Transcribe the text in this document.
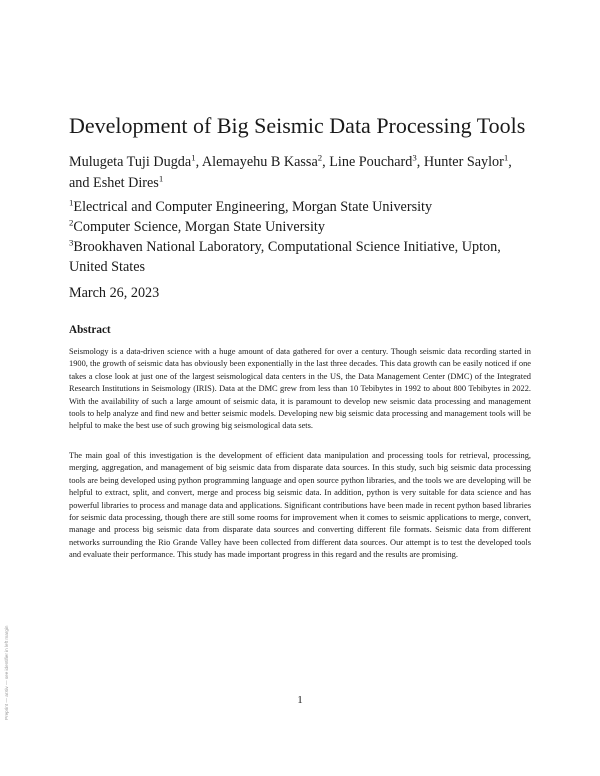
Preprint — arXiv — see identifier in left margin
Development of Big Seismic Data Processing Tools
Mulugeta Tuji Dugda$^1$, Alemayehu B Kassa$^2$, Line Pouchard$^3$, Hunter Saylor$^1$,
and Eshet Dires$^1$
$^1$Electrical and Computer Engineering, Morgan State University
$^2$Computer Science, Morgan State University
$^3$Brookhaven National Laboratory, Computational Science Initiative, Upton, United States
March 26, 2023
Abstract

Seismology is a data-driven science with a huge amount of data gathered for over a century. Though seismic data recording started in 1900, the growth of seismic data has obviously been exponentially in the last three decades. This data growth can be easily noticed if one takes a close look at just one of the largest seismological data centers in the US, the Data Management Center (DMC) of the Integrated Research Institutions in Seismology (IRIS). Data at the DMC grew from less than 10 Tebibytes in 1992 to about 800 Tebibytes in 2022. With the availability of such a large amount of seismic data, it is paramount to develop new seismic data processing and management tools to help analyze and find new and better seismic models. Developing new big seismic data processing and management tools will be helpful to make the best use of such growing big seismological data sets.

The main goal of this investigation is the development of efficient data manipulation and processing tools for retrieval, processing, merging, aggregation, and management of big seismic data from disparate data sources. In this study, such big seismic data processing tools are being developed using python programming language and open source python libraries, and the tools we are developing will be helpful to extract, split, and convert, merge and process big seismic data. In addition, python is very suitable for data science and has powerful libraries to process and manage data and applications. Significant contributions have been made in recent python based libraries for seismic data processing, though there are still some rooms for improvement when it comes to seismic applications to merge, convert, manage and process big seismic data from disparate data sources and converting different file formats. Seismic data from different networks surrounding the Rio Grande Valley have been collected from different data sources. Our attempt is to test the developed tools and evaluate their performance. This study has made important progress in this regard and the results are promising.

1
